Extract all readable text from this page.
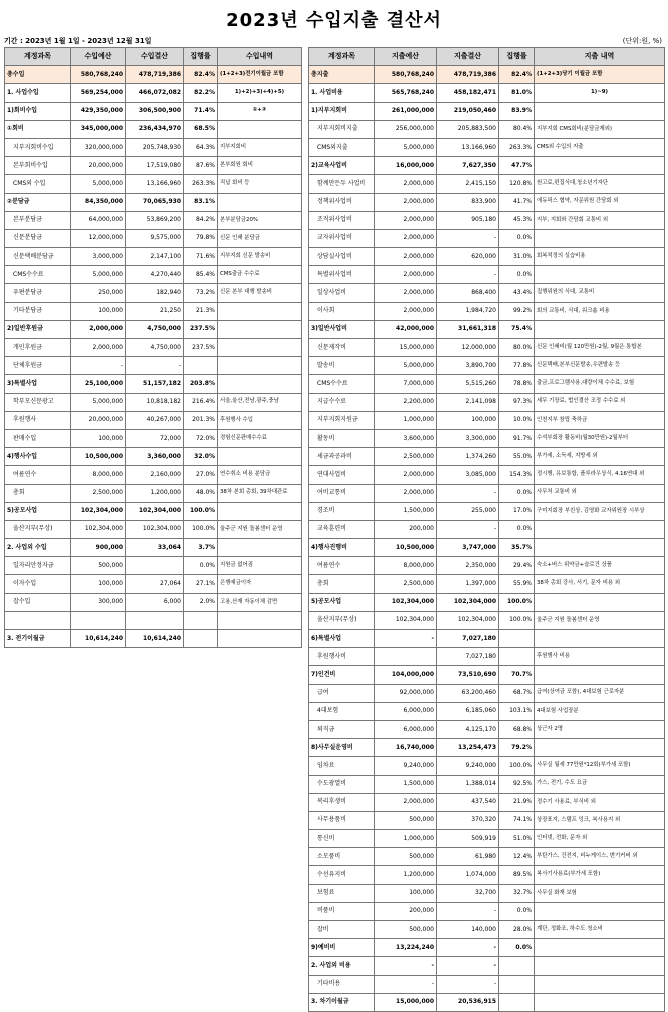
2023년 수입지출 결산서
기간 : 2023년 1월 1일 - 2023년 12월 31일	(단위:원, %)
계정과목	수입예산	수입결산	집행률	수입내역
총수입	580,768,240	478,719,386	82.4%	(1+2+3)전기이월금 포함
1. 사업수입	569,254,000	466,072,082	82.2%	1)+2)+3)+4)+5)
1)회비수입	429,350,000	306,500,900	71.4%	①+②
①회비	345,000,000	236,434,970	68.5%	
지부지회비수입	320,000,000	205,748,930	64.3%	지부지회비
본부회비수입	20,000,000	17,519,080	87.6%	본부회원 회비
CMS외 수입	5,000,000	13,166,960	263.3%	직납 회비 등
②분담금	84,350,000	70,065,930	83.1%	
본부분담금	64,000,000	53,869,200	84.2%	본부분담금20%
신문분담금	12,000,000	9,575,000	79.8%	신문 인쇄 분담금
신문택배분담금	3,000,000	2,147,100	71.6%	지부지회 신문 발송비
CMS수수료	5,000,000	4,270,440	85.4%	CMS출금 수수료
우편분담금	250,000	182,940	73.2%	신문 본부 대행 발송비
기타분담금	100,000	21,250	21.3%	
2)일반후원금	2,000,000	4,750,000	237.5%	
개인후원금	2,000,000	4,750,000	237.5%	
단체후원금	-	-		
3)특별사업	25,100,000	51,157,182	203.8%	
학부모신문광고	5,000,000	10,818,182	216.4%	서울,울산,전남,광주,충남
후원행사	20,000,000	40,267,000	201.3%	후원행사 수입
판매수입	100,000	72,000	72.0%	경험신문판매수수료
4)행사수입	10,500,000	3,360,000	32.0%	
여름연수	8,000,000	2,160,000	27.0%	연수취소 비용 분담금
총회	2,500,000	1,200,000	48.0%	38차 본회 총회, 39차대관료
5)공모사업	102,304,000	102,304,000	100.0%	
울산지부(무상)	102,304,000	102,304,000	100.0%	울주군 지원 돌봄센터 운영
2. 사업외 수입	900,000	33,064	3.7%	
일자리안정자금	500,000		0.0%	지원금 없어짐
이자수입	100,000	27,064	27.1%	은행예금이자
잡수입	300,000	6,000	2.0%	고용,산재 자동이체 감면

3. 전기이월금	10,614,240	10,614,240		
계정과목	지출예산	지출결산	집행률	지출 내역
총지출	580,768,240	478,719,386	82.4%	(1+2+3)당기 이월금 포함
1. 사업비용	565,768,240	458,182,471	81.0%	1)~9)
1)지부지회비	261,000,000	219,050,460	83.9%	
지부지회비지출	256,000,000	205,883,500	80.4%	지부지회 CMS회비(분담금제외)
CMS외지출	5,000,000	13,166,960	263.3%	CMS외 수입의 지출
2)교육사업비	16,000,000	7,627,350	47.7%	
함께만든두 사업비	2,000,000	2,415,150	120.8%	원고료,편집식대,청소년기자단
정책위사업비	2,000,000	833,900	41.7%	에듀픽스 협약, 자문위원 간담회 외
조직위사업비	2,000,000	905,180	45.3%	지부, 지회와 간담회 교통비 외
교자위사업비	2,000,000	-	0.0%	
상담실사업비	2,000,000	620,000	31.0%	회복적정의 실습비용
특별위사업비	2,000,000	-	0.0%	
일상사업비	2,000,000	868,400	43.4%	집행위원의 식대, 교통비
이사회	2,000,000	1,984,720	99.2%	회의 교통비, 식대, 워크숍 비용
3)일반사업비	42,000,000	31,661,318	75.4%	
신문제작비	15,000,000	12,000,000	80.0%	신문 인쇄비(월 120만원)-2월, 9월은 통합본
발송비	5,000,000	3,890,700	77.8%	신문택배,본부신문발송,우편발송 등
CMS수수료	7,000,000	5,515,260	78.8%	출금,프로그램사용,대량이체 수수료, 보험
지급수수료	2,200,000	2,141,098	97.3%	세무 기장료, 법인결산 조정 수수료 외
지부지회지원금	1,000,000	100,000	10.0%	인천지부 창립 축하금
활동비	3,600,000	3,300,000	91.7%	수석부회장 활동비(월30만원)-2월부터
세금과공과비	2,500,000	1,374,260	55.0%	부가세, 소득세, 지방세 외
연대사업비	2,000,000	3,085,000	154.3%	정시행, 유보통합, 플루라우상식, 4.16연대 외
여비교통비	2,000,000	-	0.0%	사무처 교통비 외
경조비	1,500,000	255,000	17.0%	구미지회장 부친상, 김영화 교자위원장 시부상
교육훈련비	200,000	-	0.0%	
4)행사진행비	10,500,000	3,747,000	35.7%	
여름연수	8,000,000	2,350,000	29.4%	숙소+버스 위약금+슬로건 상품
총회	2,500,000	1,397,000	55.9%	38차 총회 강사, 서기, 문자 비용 외
5)공모사업	102,304,000	102,304,000	100.0%	
울산지부(무상)	102,304,000	102,304,000	100.0%	울주군 지원 돌봄센터 운영
6)특별사업	-	7,027,180		
후원행사비		7,027,180		후원행사 비용
7)인건비	104,000,000	73,510,690	70.7%	
급여	92,000,000	63,200,460	68.7%	급여(상여금 포함), 4대보험 근로자분
4대보험	6,000,000	6,185,060	103.1%	4대보험 사업장분
퇴직금	6,000,000	4,125,170	68.8%	상근자 2명
8)사무실운영비	16,740,000	13,254,473	79.2%	
임차료	9,240,000	9,240,000	100.0%	사무실 월세 77만원*12회(부가세 포함)
수도광열비	1,500,000	1,388,014	92.5%	가스, 전기, 수도 요금
복리후생비	2,000,000	437,540	21.9%	정수기 사용료, 부식비 외
사무용품비	500,000	370,320	74.1%	상장표지, 스탬프 잉크, 복사용지 외
통신비	1,000,000	509,919	51.0%	인터넷, 전화, 문자 외
소모품비	500,000	61,980	12.4%	부탄가스, 건전지, 비누케이스, 변기커버 외
수선유지비	1,200,000	1,074,000	89.5%	복사기사용료(부가세 포함)
보험료	100,000	32,700	32.7%	사무실 화재 보험
비품비	200,000	-	0.0%	
잡비	500,000	140,000	28.0%	계단, 정화조, 하수도 청소비
9)예비비	13,224,240	-	0.0%	
2. 사업외 비용	-	-		
기타비용	-	-		
3. 차기이월금	15,000,000	20,536,915		
